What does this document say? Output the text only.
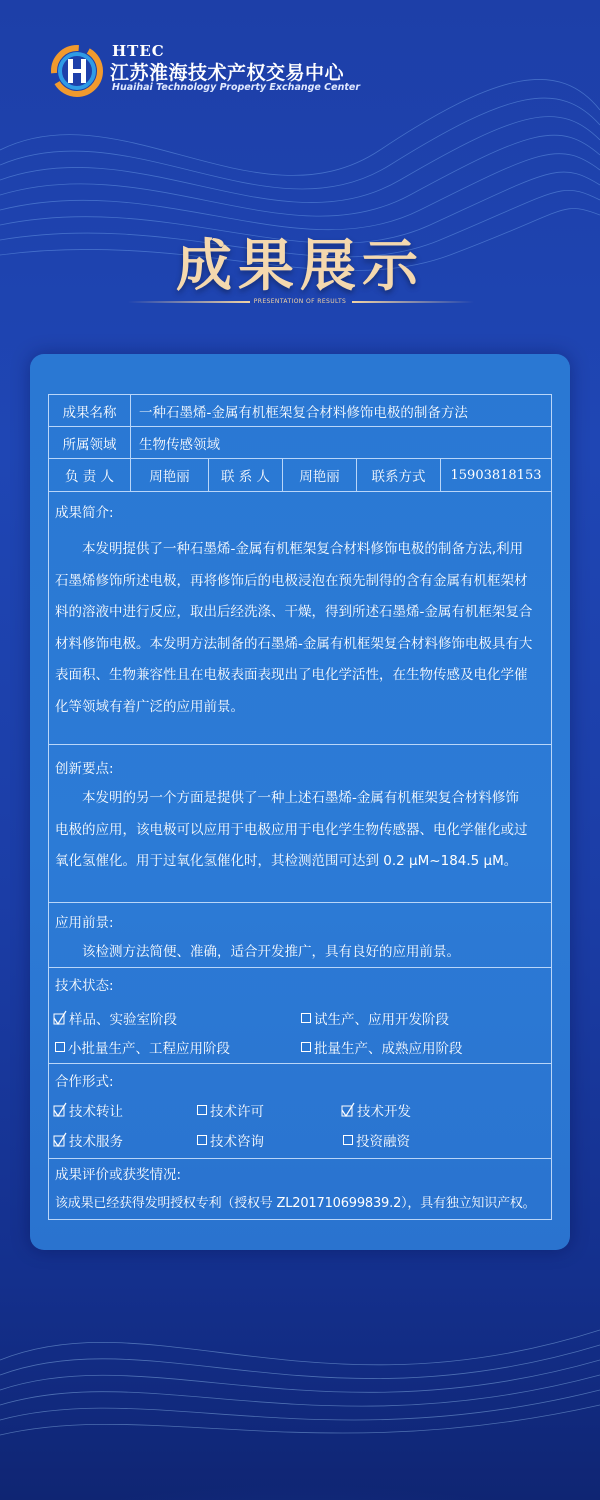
HTEC
江苏淮海技术产权交易中心
Huaihai Technology Property Exchange Center
成果展示
PRESENTATION OF RESULTS
成果名称	一种石墨烯-金属有机框架复合材料修饰电极的制备方法
所属领域	生物传感领域
负 责 人	周艳丽	联 系 人	周艳丽	联系方式	15903818153
成果简介:
本发明提供了一种石墨烯-金属有机框架复合材料修饰电极的制备方法,利用
石墨烯修饰所述电极，再将修饰后的电极浸泡在预先制得的含有金属有机框架材
料的溶液中进行反应，取出后经洗涤、干燥，得到所述石墨烯-金属有机框架复合
材料修饰电极。本发明方法制备的石墨烯-金属有机框架复合材料修饰电极具有大
表面积、生物兼容性且在电极表面表现出了电化学活性，在生物传感及电化学催
化等领域有着广泛的应用前景。
创新要点:
本发明的另一个方面是提供了一种上述石墨烯-金属有机框架复合材料修饰
电极的应用，该电极可以应用于电极应用于电化学生物传感器、电化学催化或过
氧化氢催化。用于过氧化氢催化时，其检测范围可达到 0.2 μM~184.5 μM。
应用前景:
该检测方法简便、准确，适合开发推广，具有良好的应用前景。
技术状态:
样品、实验室阶段	试生产、应用开发阶段
小批量生产、工程应用阶段	批量生产、成熟应用阶段
合作形式:
技术转让	技术许可	技术开发
技术服务	技术咨询	投资融资
成果评价或获奖情况:
该成果已经获得发明授权专利（授权号 ZL201710699839.2），具有独立知识产权。
